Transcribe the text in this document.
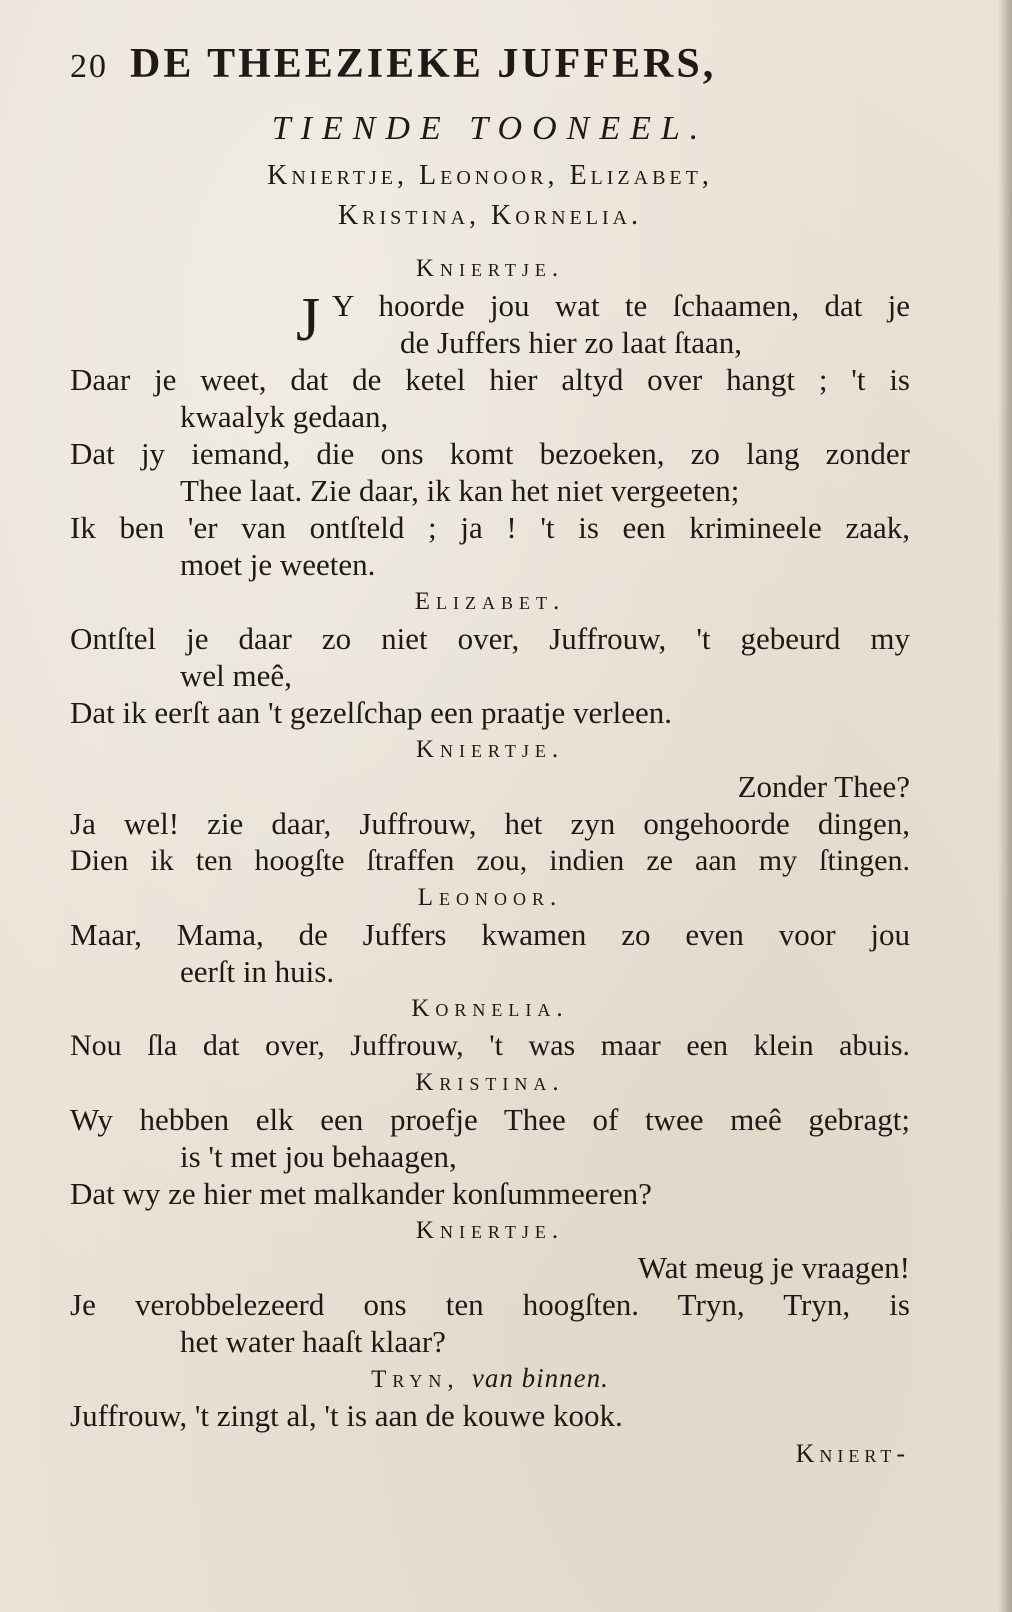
20 DE THEEZIEKE JUFFERS,
TIENDE TOONEEL.
Kniertje, Leonoor, Elizabet,
Kristina, Kornelia.
Kniertje.
J Y hoorde jou wat te ſchaamen, dat je
de Juffers hier zo laat ſtaan,
Daar je weet, dat de ketel hier altyd over hangt ; 't is
kwaalyk gedaan,
Dat jy iemand, die ons komt bezoeken, zo lang zonder
Thee laat. Zie daar, ik kan het niet vergeeten;
Ik ben 'er van ontſteld ; ja ! 't is een krimineele zaak,
moet je weeten.
Elizabet.
Ontſtel je daar zo niet over, Juffrouw, 't gebeurd my
wel meê,
Dat ik eerſt aan 't gezelſchap een praatje verleen.
Kniertje.
Zonder Thee?
Ja wel! zie daar, Juffrouw, het zyn ongehoorde dingen,
Dien ik ten hoogſte ſtraffen zou, indien ze aan my ſtingen.
Leonoor.
Maar, Mama, de Juffers kwamen zo even voor jou
eerſt in huis.
Kornelia.
Nou ſla dat over, Juffrouw, 't was maar een klein abuis.
Kristina.
Wy hebben elk een proefje Thee of twee meê gebragt;
is 't met jou behaagen,
Dat wy ze hier met malkander konſummeeren?
Kniertje.
Wat meug je vraagen!
Je verobbelezeerd ons ten hoogſten. Tryn, Tryn, is
het water haaſt klaar?
Tryn, van binnen.
Juffrouw, 't zingt al, 't is aan de kouwe kook.
Kniert-
